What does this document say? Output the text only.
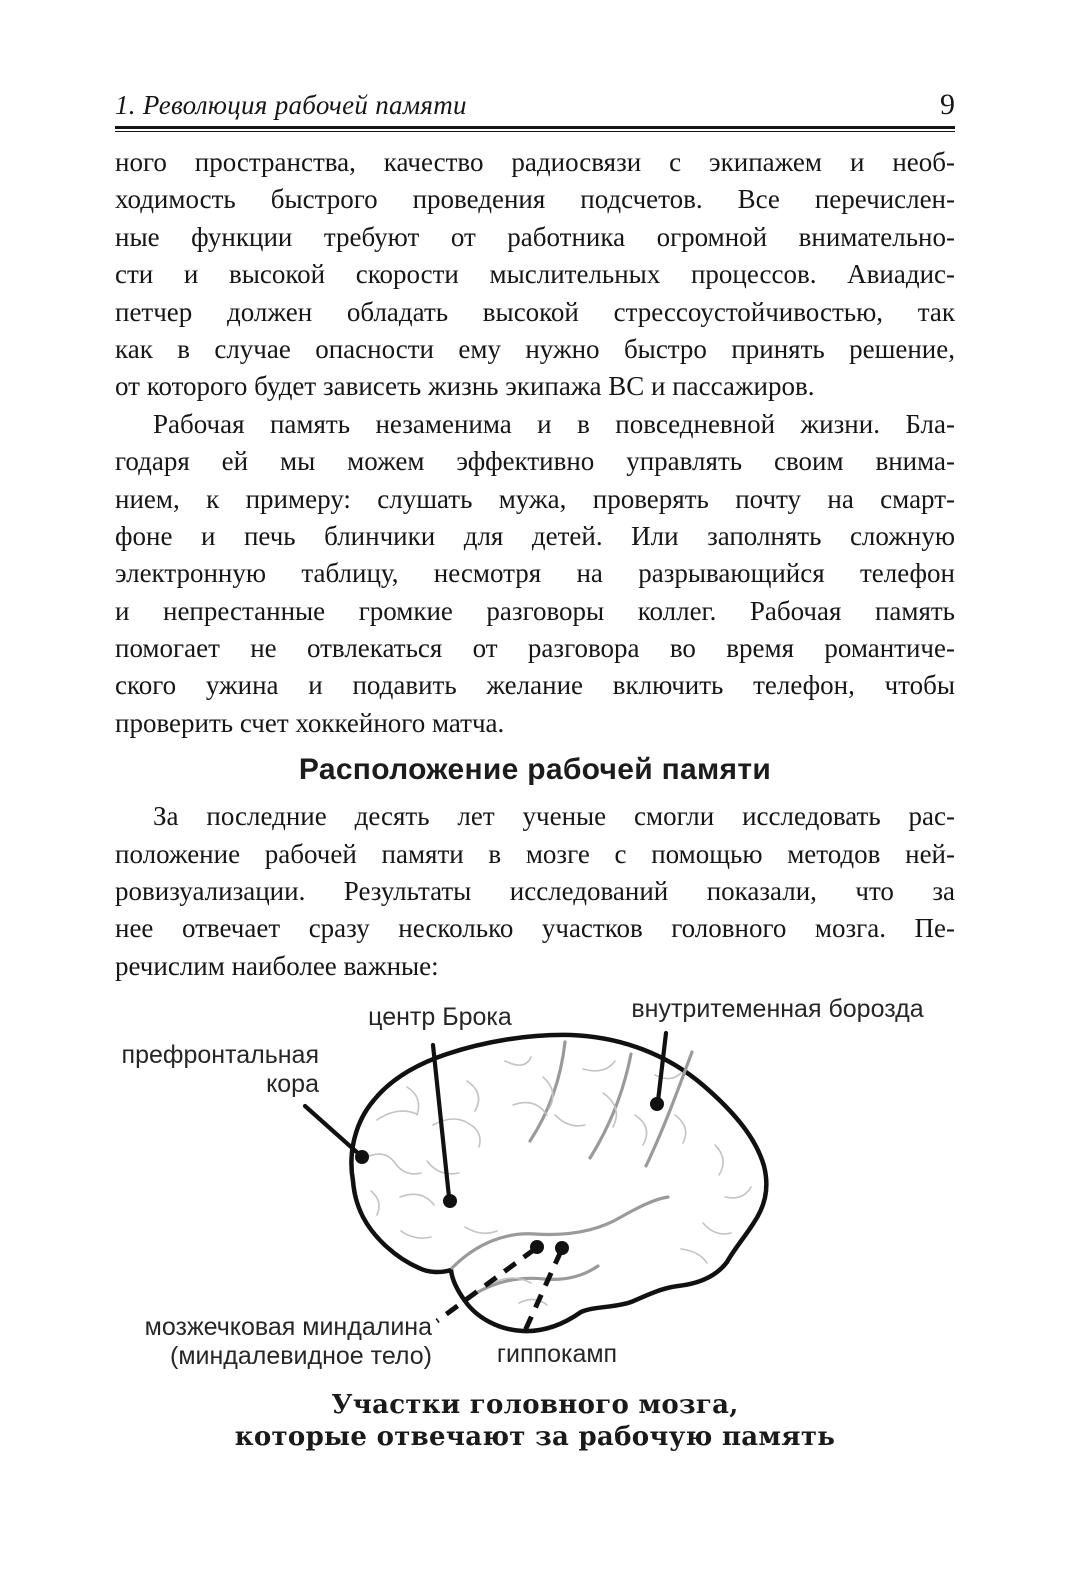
1. Революция рабочей памяти	9
ного пространства, качество радиосвязи с экипажем и необ-
ходимость быстрого проведения подсчетов. Все перечислен-
ные функции требуют от работника огромной внимательно-
сти и высокой скорости мыслительных процессов. Авиадис-
петчер должен обладать высокой стрессоустойчивостью, так
как в случае опасности ему нужно быстро принять решение,
от которого будет зависеть жизнь экипажа ВС и пассажиров.
Рабочая память незаменима и в повседневной жизни. Бла-
годаря ей мы можем эффективно управлять своим внима-
нием, к примеру: слушать мужа, проверять почту на смарт-
фоне и печь блинчики для детей. Или заполнять сложную
электронную таблицу, несмотря на разрывающийся телефон
и непрестанные громкие разговоры коллег. Рабочая память
помогает не отвлекаться от разговора во время романтиче-
ского ужина и подавить желание включить телефон, чтобы
проверить счет хоккейного матча.
Расположение рабочей памяти
За последние десять лет ученые смогли исследовать рас-
положение рабочей памяти в мозге с помощью методов ней-
ровизуализации. Результаты исследований показали, что за
нее отвечает сразу несколько участков головного мозга. Пе-
речислим наиболее важные:
префронтальная
кора
центр Брока	внутритеменная борозда
мозжечковая миндалина
(миндалевидное тело)	гиппокамп
Участки головного мозга,
которые отвечают за рабочую память
